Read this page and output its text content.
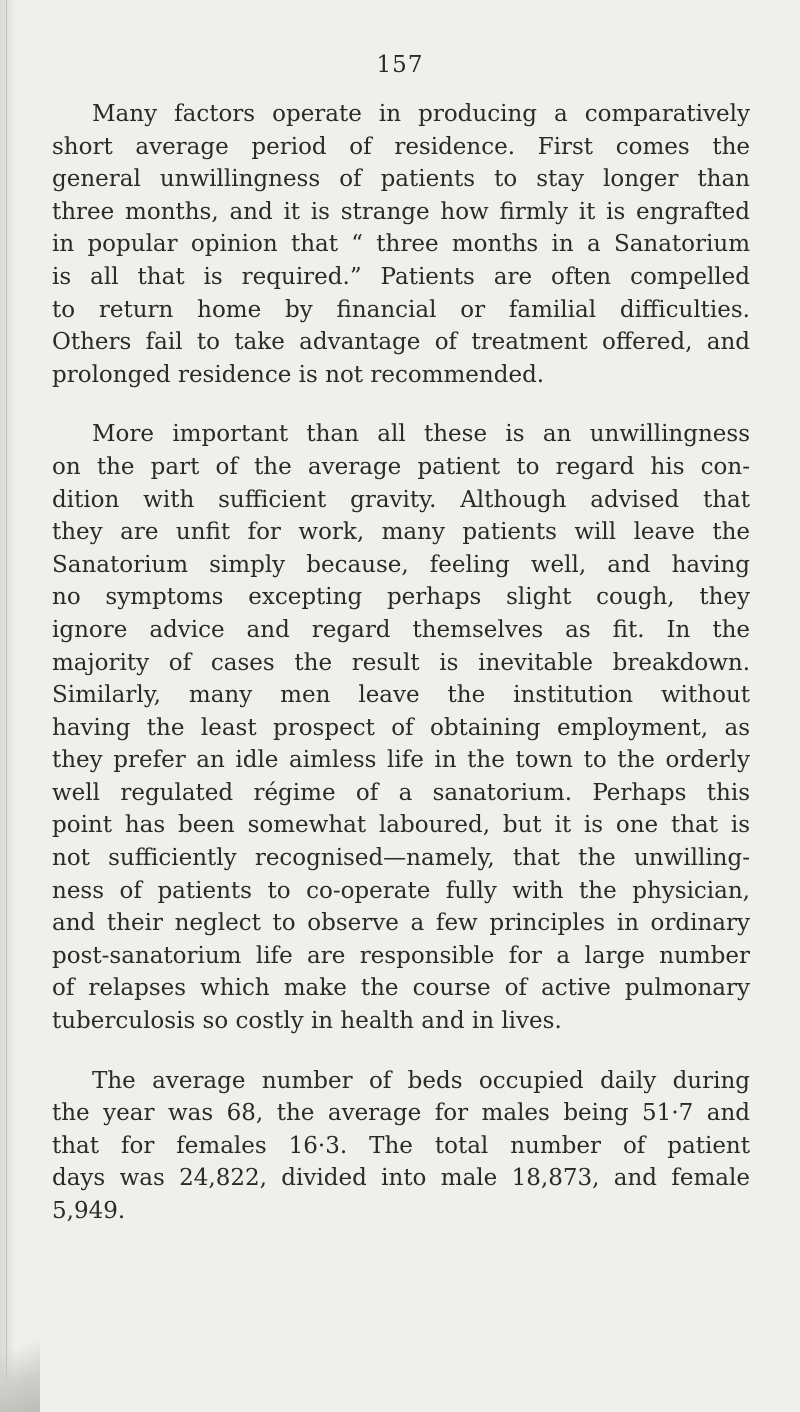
157

Many factors operate in producing a comparatively
short average period of residence. First comes the
general unwillingness of patients to stay longer than
three months, and it is strange how firmly it is engrafted
in popular opinion that “ three months in a Sanatorium
is all that is required.” Patients are often compelled
to return home by financial or familial difficulties.
Others fail to take advantage of treatment offered, and
prolonged residence is not recommended.

More important than all these is an unwillingness
on the part of the average patient to regard his con-
dition with sufficient gravity. Although advised that
they are unfit for work, many patients will leave the
Sanatorium simply because, feeling well, and having
no symptoms excepting perhaps slight cough, they
ignore advice and regard themselves as fit. In the
majority of cases the result is inevitable breakdown.
Similarly, many men leave the institution without
having the least prospect of obtaining employment, as
they prefer an idle aimless life in the town to the orderly
well regulated régime of a sanatorium. Perhaps this
point has been somewhat laboured, but it is one that is
not sufficiently recognised—namely, that the unwilling-
ness of patients to co-operate fully with the physician,
and their neglect to observe a few principles in ordinary
post-sanatorium life are responsible for a large number
of relapses which make the course of active pulmonary
tuberculosis so costly in health and in lives.

The average number of beds occupied daily during
the year was 68, the average for males being 51·7 and
that for females 16·3. The total number of patient
days was 24,822, divided into male 18,873, and female
5,949.
